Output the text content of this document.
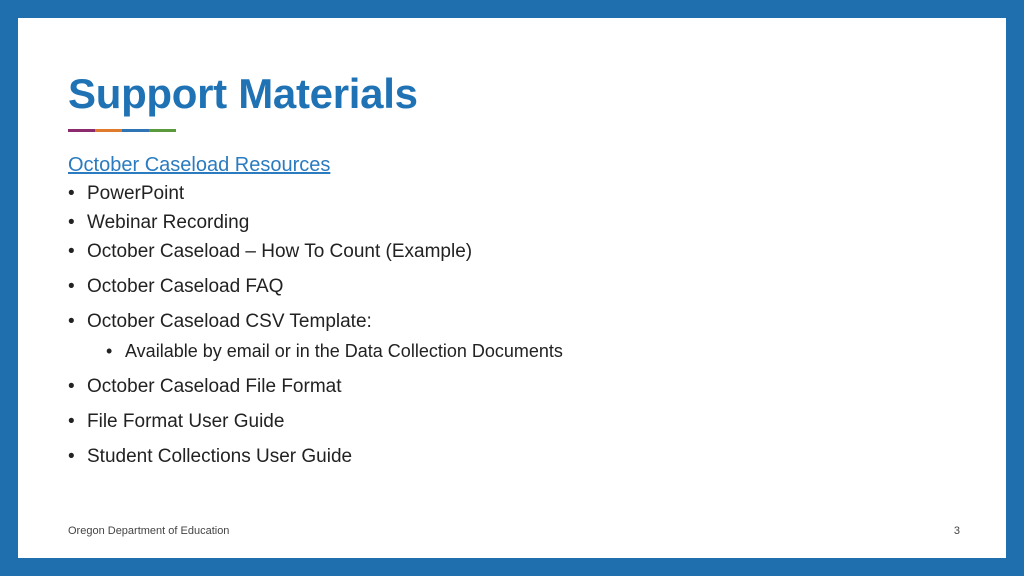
Support Materials
October Caseload Resources
• PowerPoint
• Webinar Recording
• October Caseload – How To Count (Example)
• October Caseload FAQ
• October Caseload CSV Template:
• Available by email or in the Data Collection Documents
• October Caseload File Format
• File Format User Guide
• Student Collections User Guide
Oregon Department of Education	3
